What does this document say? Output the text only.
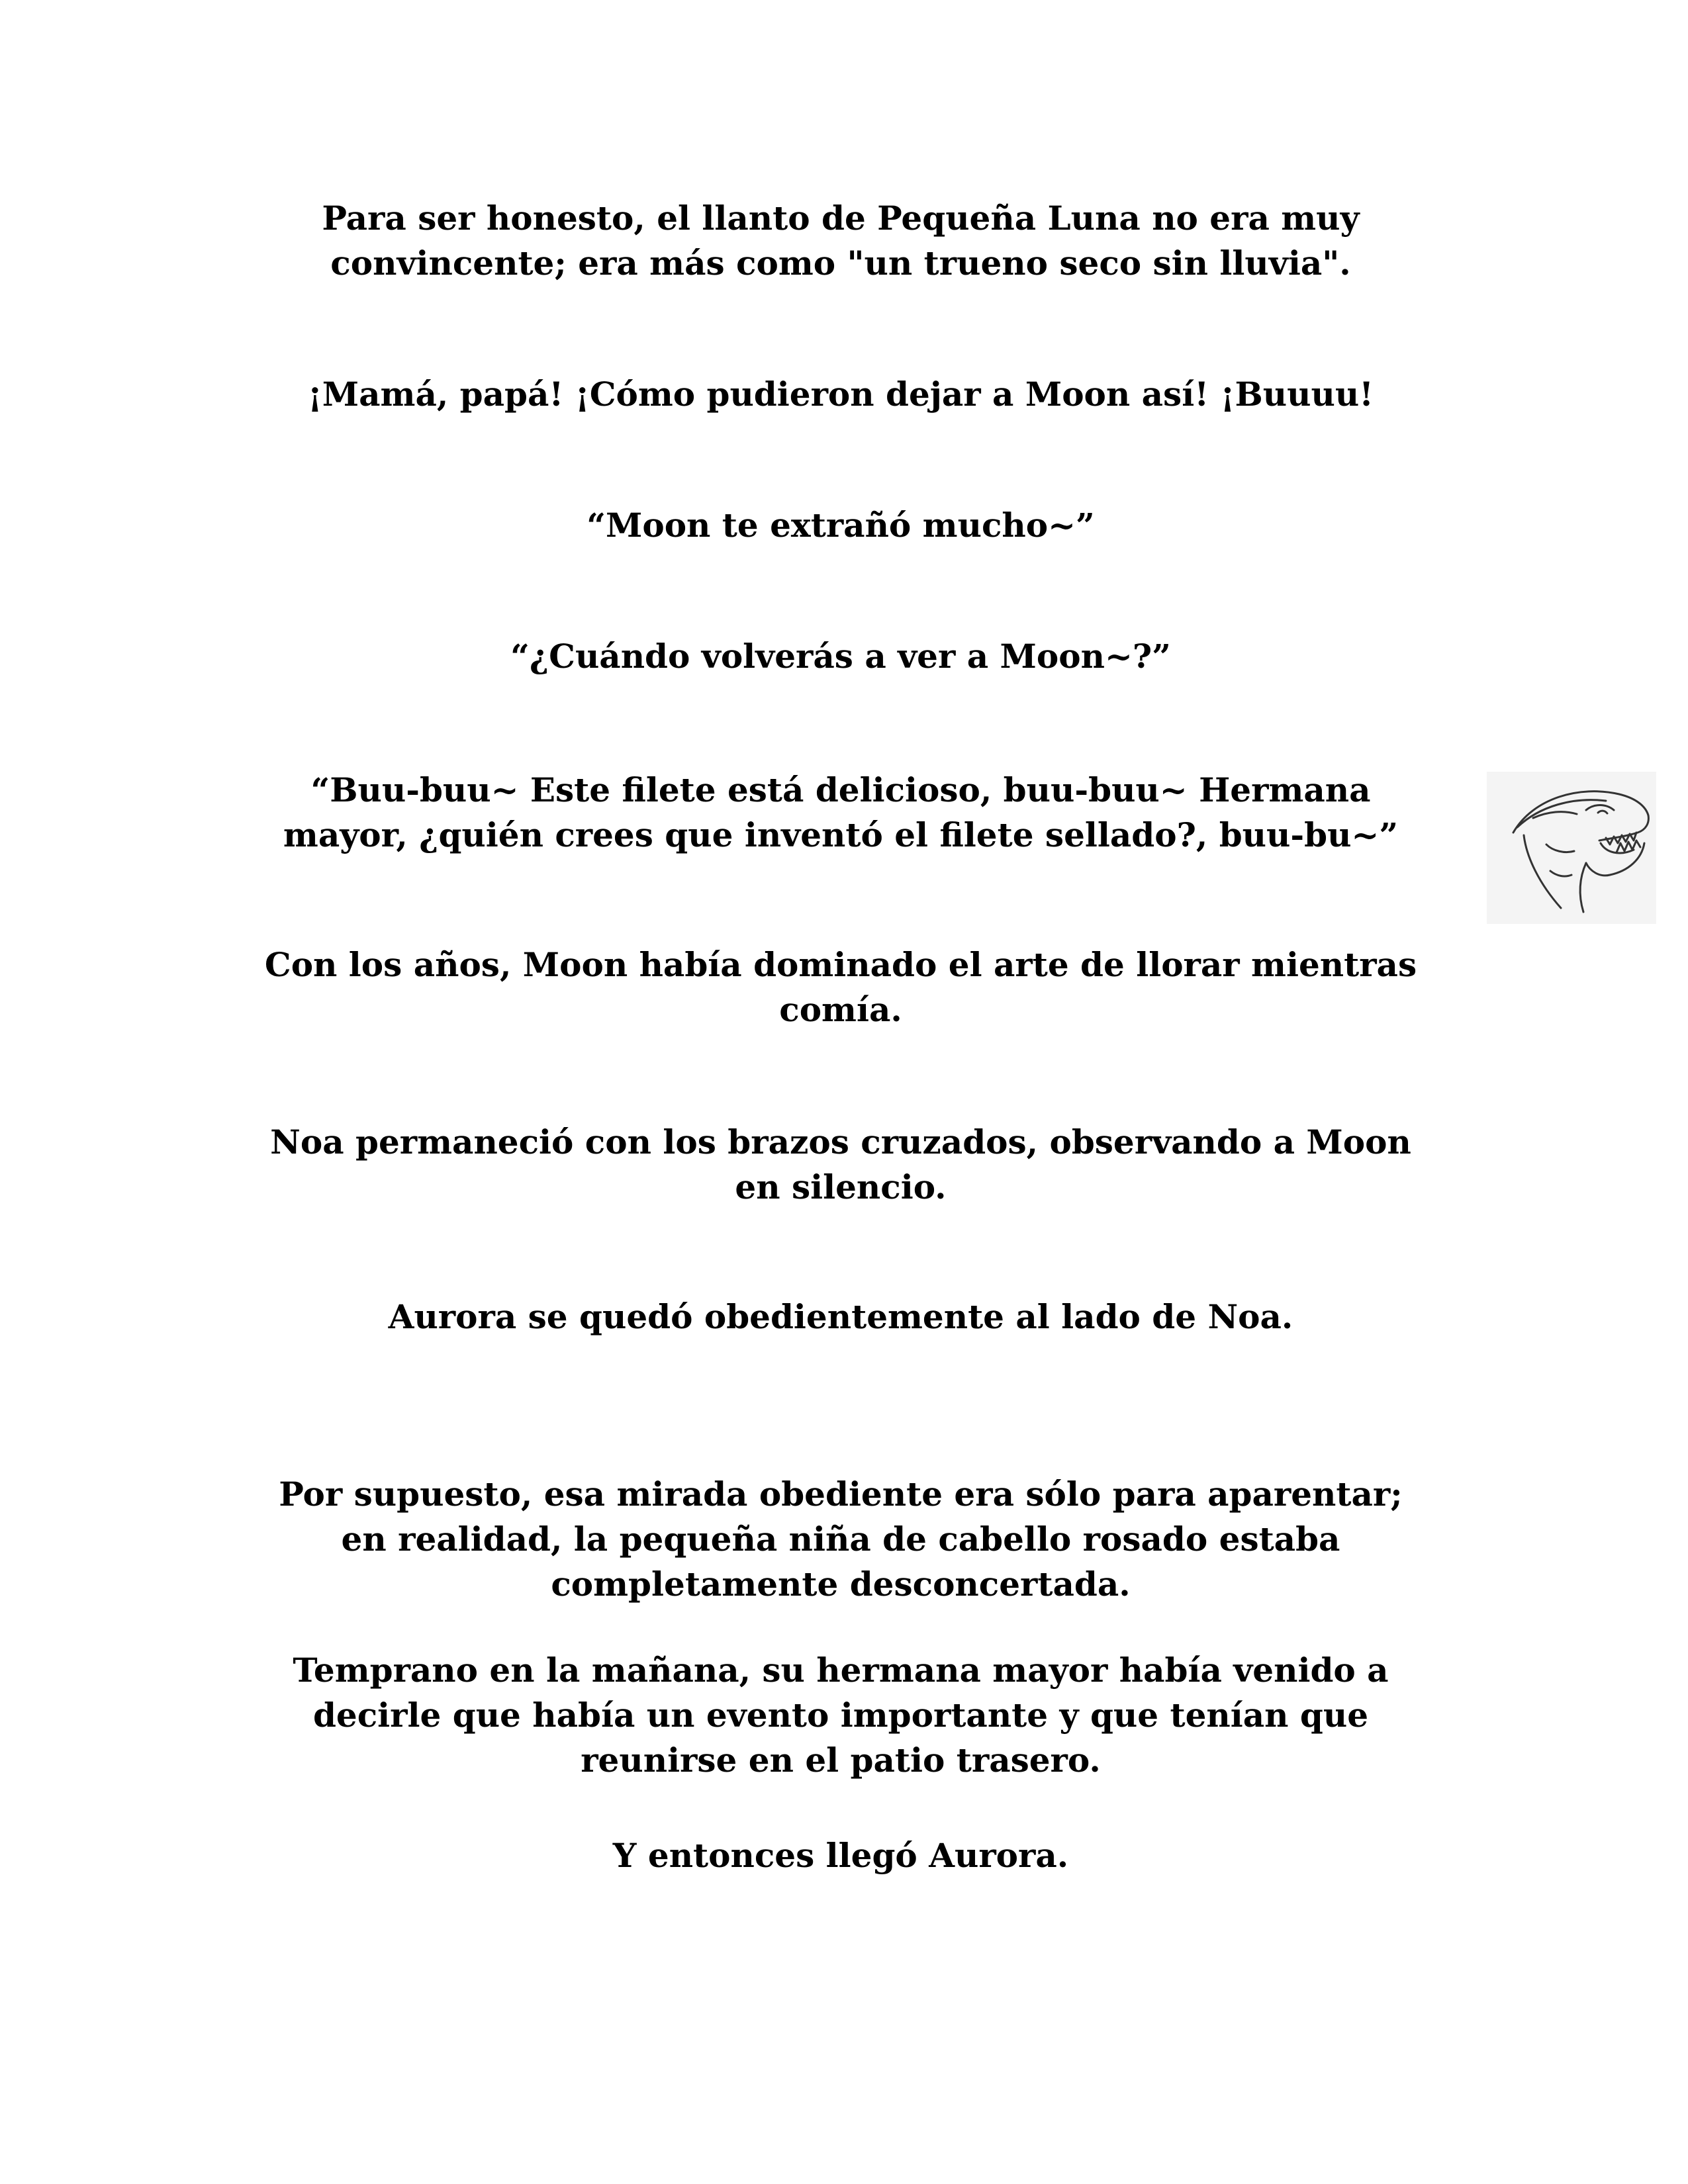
Para ser honesto, el llanto de Pequeña Luna no era muy
convincente; era más como "un trueno seco sin lluvia".

¡Mamá, papá! ¡Cómo pudieron dejar a Moon así! ¡Buuuu!

“Moon te extrañó mucho~”

“¿Cuándo volverás a ver a Moon~?”

“Buu-buu~ Este filete está delicioso, buu-buu~ Hermana
mayor, ¿quién crees que inventó el filete sellado?, buu-bu~”

Con los años, Moon había dominado el arte de llorar mientras
comía.

Noa permaneció con los brazos cruzados, observando a Moon
en silencio.

Aurora se quedó obedientemente al lado de Noa.

Por supuesto, esa mirada obediente era sólo para aparentar;
en realidad, la pequeña niña de cabello rosado estaba
completamente desconcertada.

Temprano en la mañana, su hermana mayor había venido a
decirle que había un evento importante y que tenían que
reunirse en el patio trasero.

Y entonces llegó Aurora.
